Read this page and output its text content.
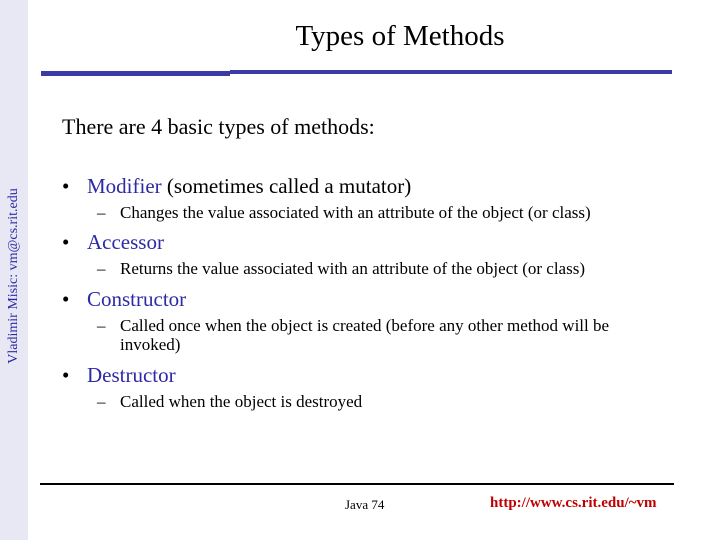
Vladimir Misic: vm@cs.rit.edu
Types of Methods
There are 4 basic types of methods:
• Modifier (sometimes called a mutator)
– Changes the value associated with an attribute of the object (or class)
• Accessor
– Returns the value associated with an attribute of the object (or class)
• Constructor
– Called once when the object is created (before any other method will be invoked)
• Destructor
– Called when the object is destroyed
Java 74	http://www.cs.rit.edu/~vm
